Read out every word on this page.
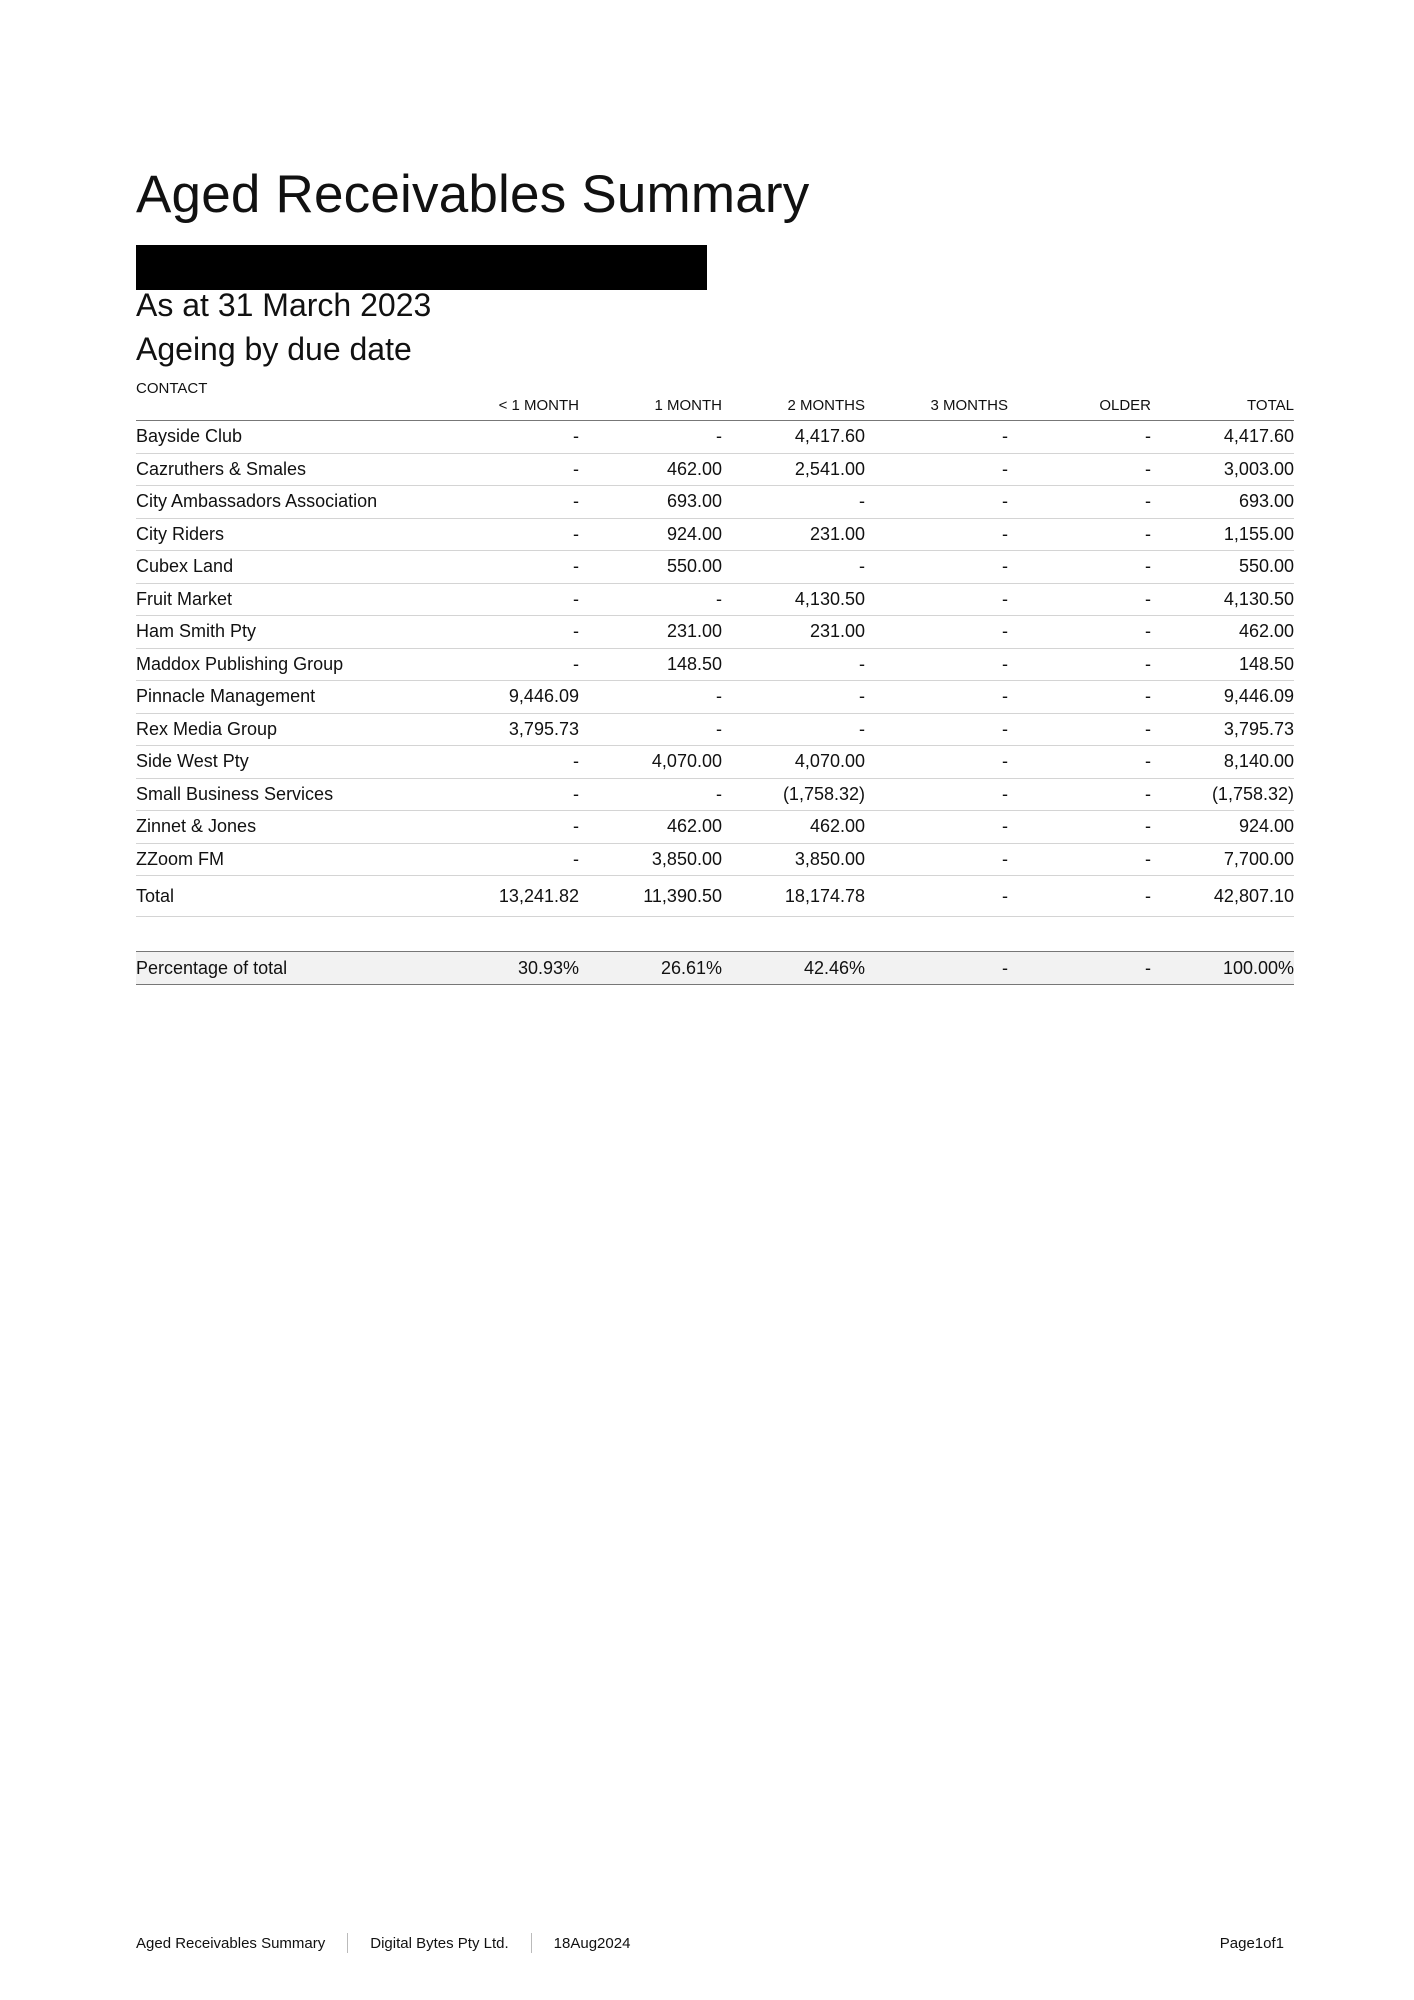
Aged Receivables Summary
As at 31 March 2023
Ageing by due date
CONTACT	< 1 MONTH	1 MONTH	2 MONTHS	3 MONTHS	OLDER	TOTAL
Bayside Club	-	-	4,417.60	-	-	4,417.60
Cazruthers & Smales	-	462.00	2,541.00	-	-	3,003.00
City Ambassadors Association	-	693.00	-	-	-	693.00
City Riders	-	924.00	231.00	-	-	1,155.00
Cubex Land	-	550.00	-	-	-	550.00
Fruit Market	-	-	4,130.50	-	-	4,130.50
Ham Smith Pty	-	231.00	231.00	-	-	462.00
Maddox Publishing Group	-	148.50	-	-	-	148.50
Pinnacle Management	9,446.09	-	-	-	-	9,446.09
Rex Media Group	3,795.73	-	-	-	-	3,795.73
Side West Pty	-	4,070.00	4,070.00	-	-	8,140.00
Small Business Services	-	-	(1,758.32)	-	-	(1,758.32)
Zinnet & Jones	-	462.00	462.00	-	-	924.00
ZZoom FM	-	3,850.00	3,850.00	-	-	7,700.00
Total	13,241.82	11,390.50	18,174.78	-	-	42,807.10

Percentage of total	30.93%	26.61%	42.46%	-	-	100.00%
Aged Receivables Summary	Digital Bytes Pty Ltd.	18Aug2024	Page1of1
